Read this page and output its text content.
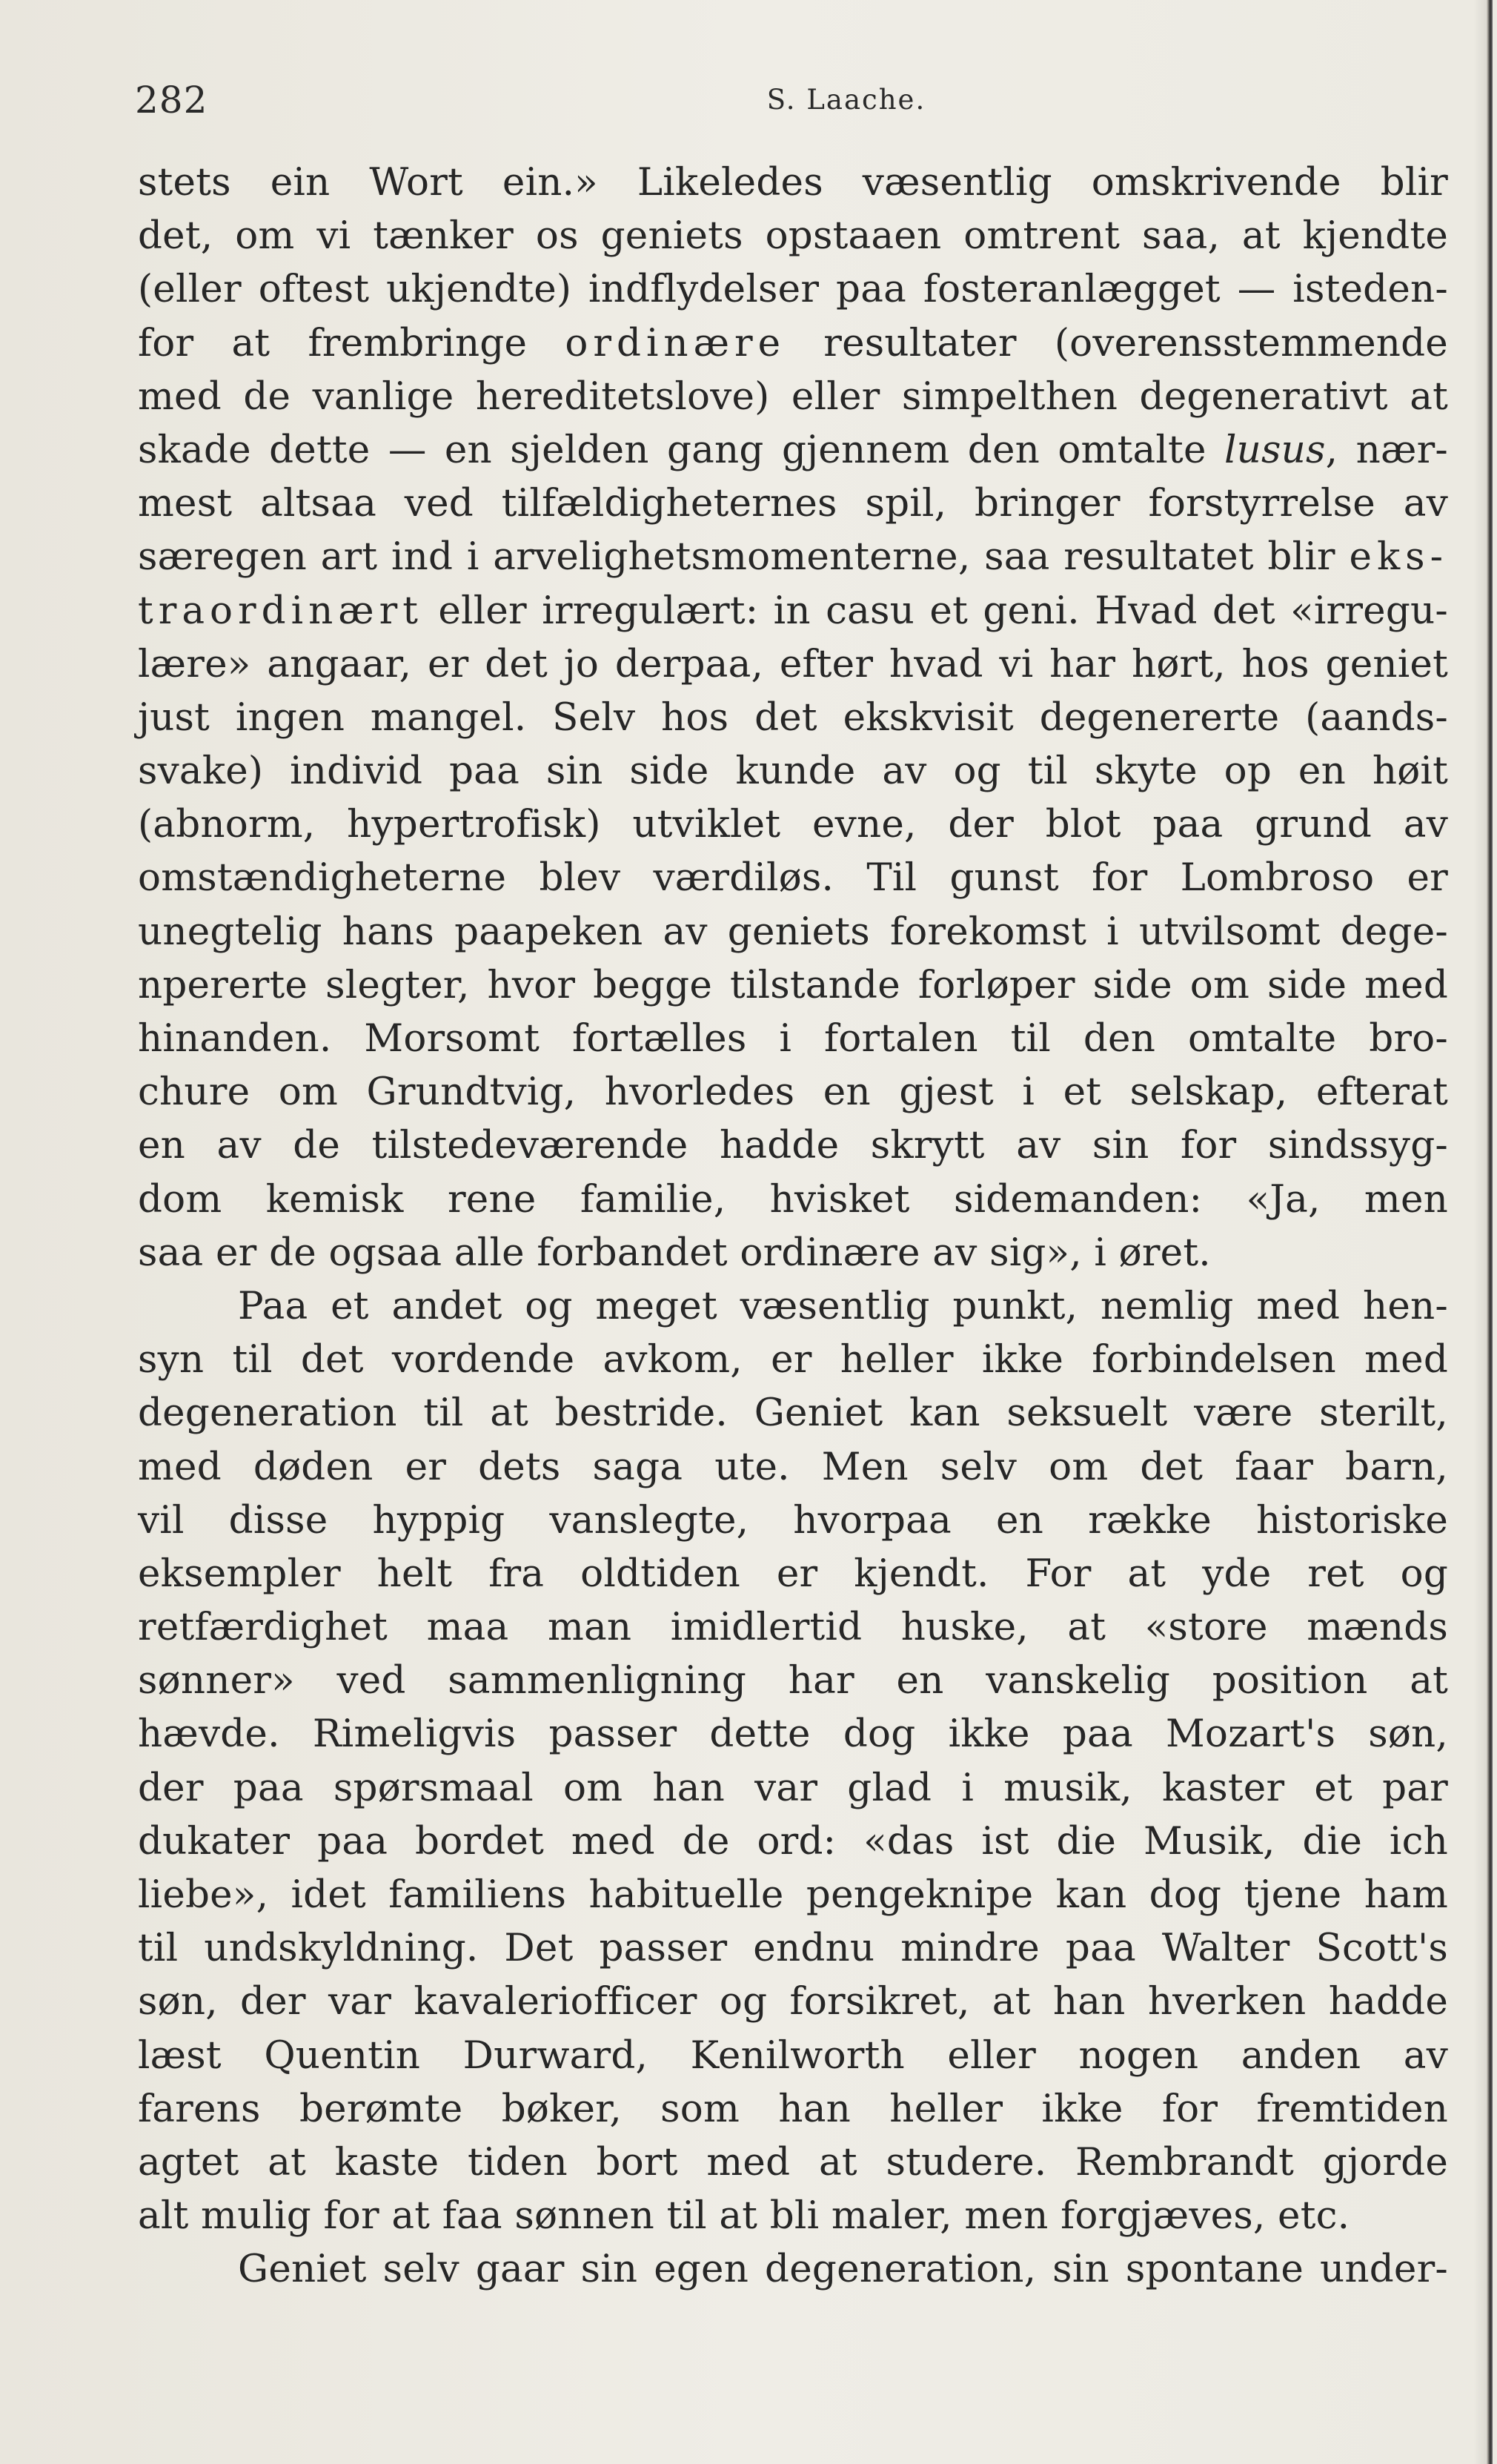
282	S. Laache.
stets ein Wort ein.» Likeledes væsentlig omskrivende blir
det, om vi tænker os geniets opstaaen omtrent saa, at kjendte
(eller oftest ukjendte) indflydelser paa fosteranlægget — isteden-
for at frembringe ordinære resultater (overensstemmende
med de vanlige hereditetslove) eller simpelthen degenerativt at
skade dette — en sjelden gang gjennem den omtalte lusus, nær-
mest altsaa ved tilfældigheternes spil, bringer forstyrrelse av
særegen art ind i arvelighetsmomenterne, saa resultatet blir eks-
traordinært eller irregulært: in casu et geni. Hvad det «irregu-
lære» angaar, er det jo derpaa, efter hvad vi har hørt, hos geniet
just ingen mangel. Selv hos det ekskvisit degenererte (aands-
svake) individ paa sin side kunde av og til skyte op en høit
(abnorm, hypertrofisk) utviklet evne, der blot paa grund av
omstændigheterne blev værdiløs. Til gunst for Lombroso er
unegtelig hans paapeken av geniets forekomst i utvilsomt dege-
npererte slegter, hvor begge tilstande forløper side om side med
hinanden. Morsomt fortælles i fortalen til den omtalte bro-
chure om Grundtvig, hvorledes en gjest i et selskap, efterat
en av de tilstedeværende hadde skrytt av sin for sindssyg-
dom kemisk rene familie, hvisket sidemanden: «Ja, men
saa er de ogsaa alle forbandet ordinære av sig», i øret.
Paa et andet og meget væsentlig punkt, nemlig med hen-
syn til det vordende avkom, er heller ikke forbindelsen med
degeneration til at bestride. Geniet kan seksuelt være sterilt,
med døden er dets saga ute. Men selv om det faar barn,
vil disse hyppig vanslegte, hvorpaa en række historiske
eksempler helt fra oldtiden er kjendt. For at yde ret og
retfærdighet maa man imidlertid huske, at «store mænds
sønner» ved sammenligning har en vanskelig position at
hævde. Rimeligvis passer dette dog ikke paa Mozart's søn,
der paa spørsmaal om han var glad i musik, kaster et par
dukater paa bordet med de ord: «das ist die Musik, die ich
liebe», idet familiens habituelle pengeknipe kan dog tjene ham
til undskyldning. Det passer endnu mindre paa Walter Scott's
søn, der var kavaleriofficer og forsikret, at han hverken hadde
læst Quentin Durward, Kenilworth eller nogen anden av
farens berømte bøker, som han heller ikke for fremtiden
agtet at kaste tiden bort med at studere. Rembrandt gjorde
alt mulig for at faa sønnen til at bli maler, men forgjæves, etc.
Geniet selv gaar sin egen degeneration, sin spontane under-
